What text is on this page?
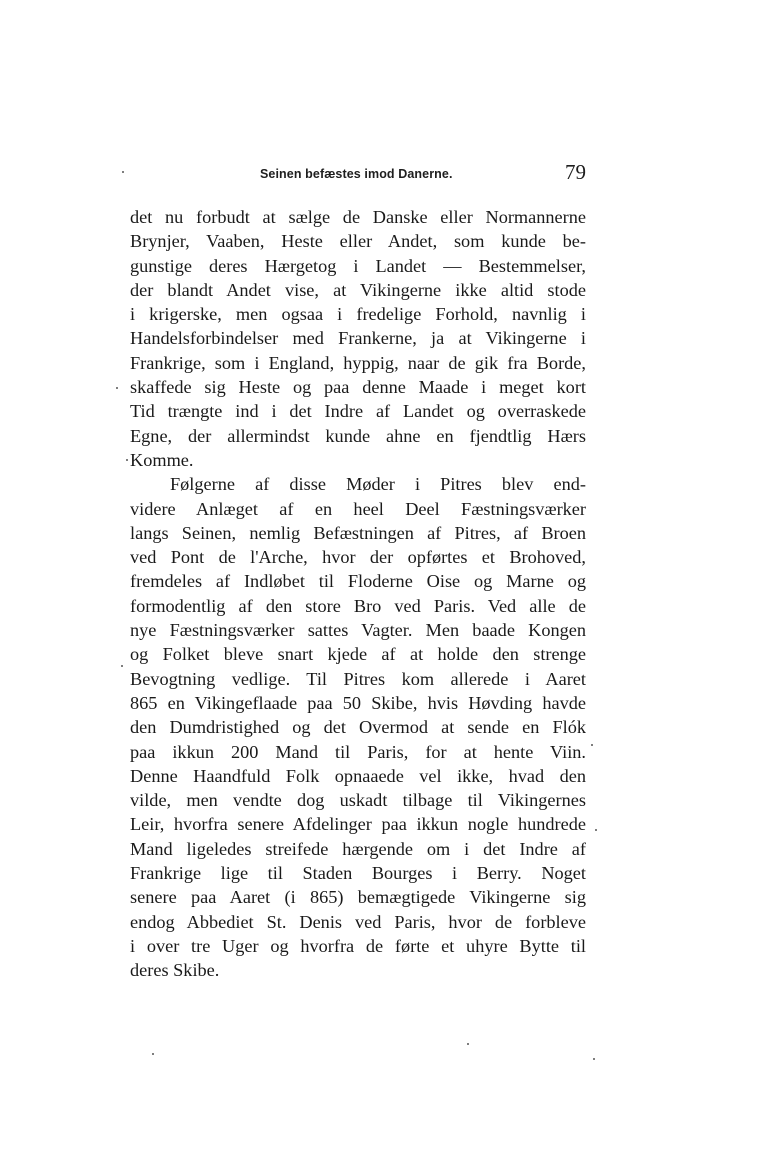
Seinen befæstes imod Danerne.	79
det nu forbudt at sælge de Danske eller Normannerne
Brynjer, Vaaben, Heste eller Andet, som kunde be-
gunstige deres Hærgetog i Landet — Bestemmelser,
der blandt Andet vise, at Vikingerne ikke altid stode
i krigerske, men ogsaa i fredelige Forhold, navnlig i
Handelsforbindelser med Frankerne, ja at Vikingerne i
Frankrige, som i England, hyppig, naar de gik fra Borde,
skaffede sig Heste og paa denne Maade i meget kort
Tid trængte ind i det Indre af Landet og overraskede
Egne, der allermindst kunde ahne en fjendtlig Hærs
Komme.
Følgerne af disse Møder i Pitres blev end-
videre Anlæget af en heel Deel Fæstningsværker
langs Seinen, nemlig Befæstningen af Pitres, af Broen
ved Pont de l'Arche, hvor der opførtes et Brohoved,
fremdeles af Indløbet til Floderne Oise og Marne og
formodentlig af den store Bro ved Paris. Ved alle de
nye Fæstningsværker sattes Vagter. Men baade Kongen
og Folket bleve snart kjede af at holde den strenge
Bevogtning vedlige. Til Pitres kom allerede i Aaret
865 en Vikingeflaade paa 50 Skibe, hvis Høvding havde
den Dumdristighed og det Overmod at sende en Flók
paa ikkun 200 Mand til Paris, for at hente Viin.
Denne Haandfuld Folk opnaaede vel ikke, hvad den
vilde, men vendte dog uskadt tilbage til Vikingernes
Leir, hvorfra senere Afdelinger paa ikkun nogle hundrede
Mand ligeledes streifede hærgende om i det Indre af
Frankrige lige til Staden Bourges i Berry. Noget
senere paa Aaret (i 865) bemægtigede Vikingerne sig
endog Abbediet St. Denis ved Paris, hvor de forbleve
i over tre Uger og hvorfra de førte et uhyre Bytte til
deres Skibe.
